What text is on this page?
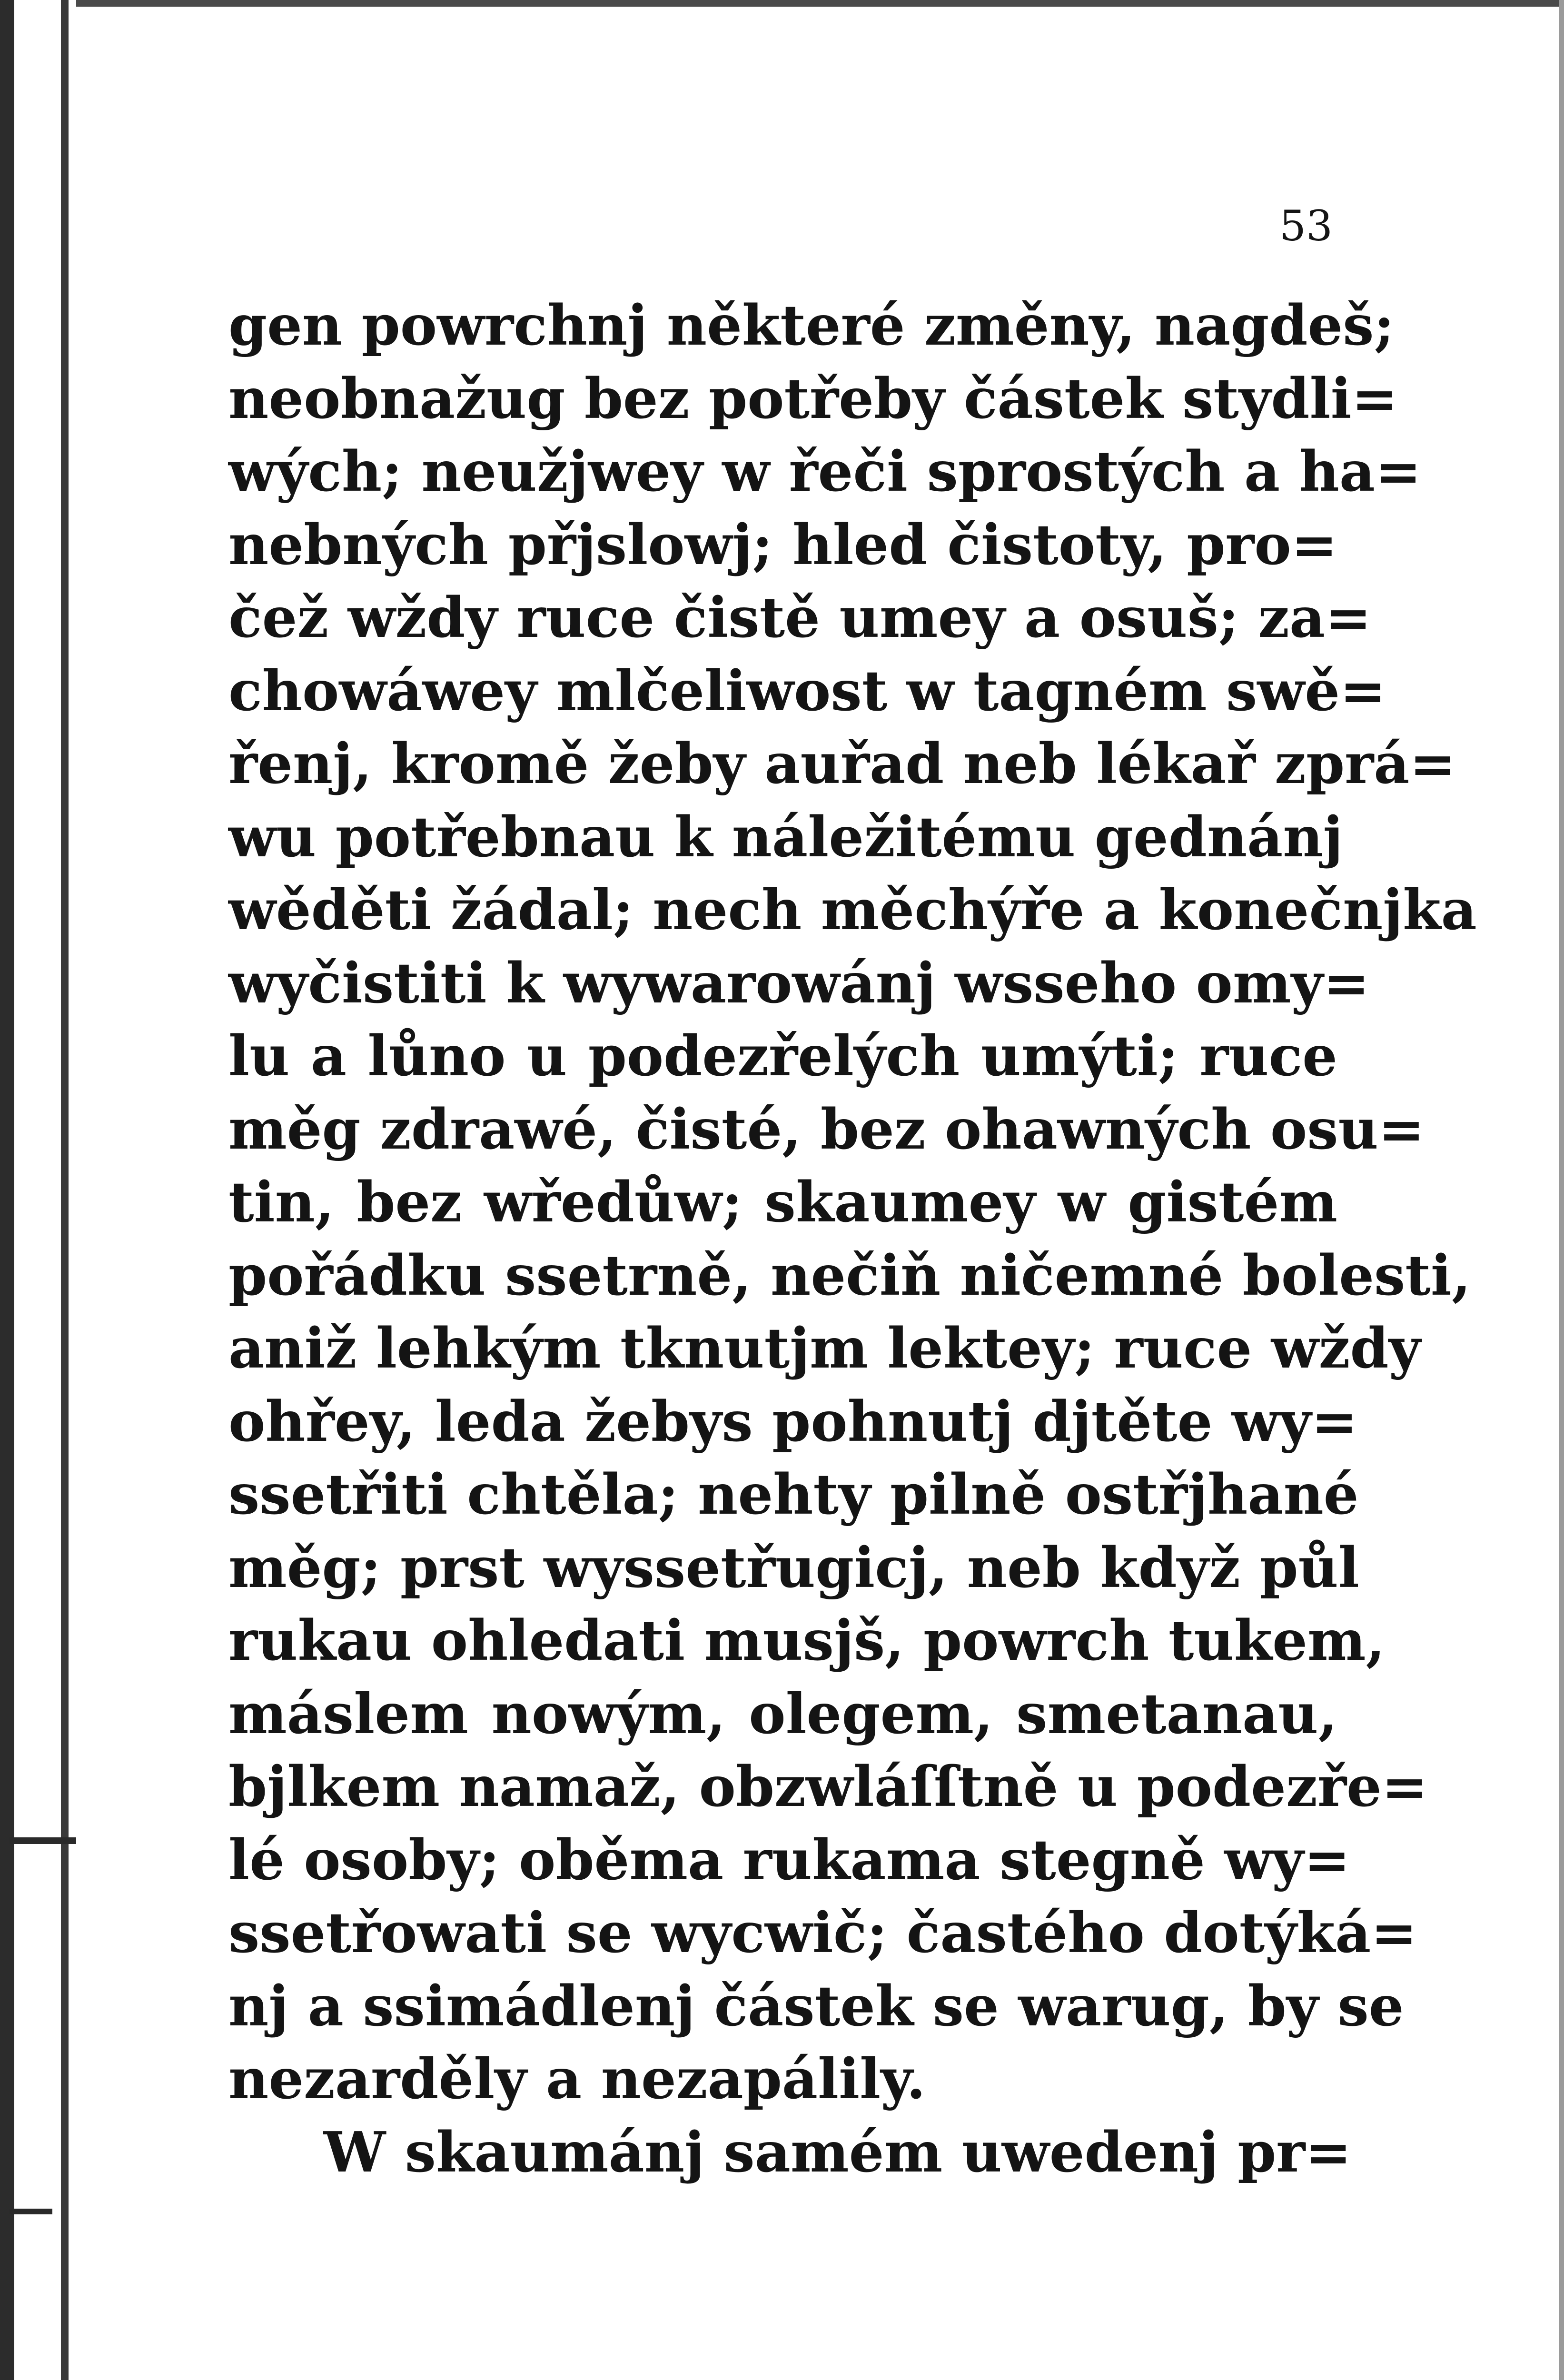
53
gen powrchnj některé změny, nagdeš;
neobnažug bez potřeby částek stydli=
wých; neužjwey w řeči sprostých a ha=
nebných přjslowj; hled čistoty, pro=
čež wždy ruce čistě umey a osuš; za=
chowáwey mlčeliwost w tagném swě=
řenj, kromě žeby auřad neb lékař zprá=
wu potřebnau k náležitému gednánj
wěděti žádal; nech měchýře a konečnjka
wyčistiti k wywarowánj wsseho omy=
lu a lůno u podezřelých umýti; ruce
měg zdrawé, čisté, bez ohawných osu=
tin, bez wředůw; skaumey w gistém
pořádku ssetrně, nečiň ničemné bolesti,
aniž lehkým tknutjm lektey; ruce wždy
ohřey, leda žebys pohnutj djtěte wy=
ssetřiti chtěla; nehty pilně ostřjhané
měg; prst wyssetřugicj, neb když půl
rukau ohledati musjš, powrch tukem,
máslem nowým, olegem, smetanau,
bjlkem namaž, obzwláſſtně u podezře=
lé osoby; oběma rukama stegně wy=
ssetřowati se wycwič; častého dotýká=
nj a ssimádlenj částek se warug, by se
nezarděly a nezapálily.
W skaumánj samém uwedenj pr=
